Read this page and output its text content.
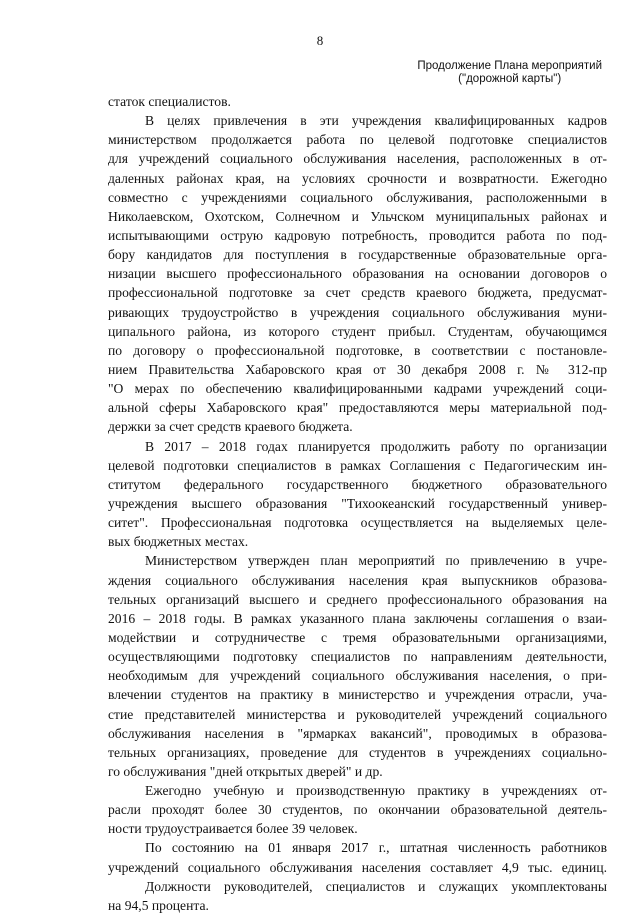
8
Продолжение Плана мероприятий
("дорожной карты")
статок специалистов.
В целях привлечения в эти учреждения квалифицированных кадров
министерством продолжается работа по целевой подготовке специалистов
для учреждений социального обслуживания населения, расположенных в от-
даленных районах края, на условиях срочности и возвратности. Ежегодно
совместно с учреждениями социального обслуживания, расположенными в
Николаевском, Охотском, Солнечном и Ульчском муниципальных районах и
испытывающими острую кадровую потребность, проводится работа по под-
бору кандидатов для поступления в государственные образовательные орга-
низации высшего профессионального образования на основании договоров о
профессиональной подготовке за счет средств краевого бюджета, предусмат-
ривающих трудоустройство в учреждения социального обслуживания муни-
ципального района, из которого студент прибыл. Студентам, обучающимся
по договору о профессиональной подготовке, в соответствии с постановле-
нием Правительства Хабаровского края от 30 декабря 2008 г. № 312-пр
"О мерах по обеспечению квалифицированными кадрами учреждений соци-
альной сферы Хабаровского края" предоставляются меры материальной под-
держки за счет средств краевого бюджета.
В 2017 – 2018 годах планируется продолжить работу по организации
целевой подготовки специалистов в рамках Соглашения с Педагогическим ин-
ститутом федерального государственного бюджетного образовательного
учреждения высшего образования "Тихоокеанский государственный универ-
ситет". Профессиональная подготовка осуществляется на выделяемых целе-
вых бюджетных местах.
Министерством утвержден план мероприятий по привлечению в учре-
ждения социального обслуживания населения края выпускников образова-
тельных организаций высшего и среднего профессионального образования на
2016 – 2018 годы. В рамках указанного плана заключены соглашения о взаи-
модействии и сотрудничестве с тремя образовательными организациями,
осуществляющими подготовку специалистов по направлениям деятельности,
необходимым для учреждений социального обслуживания населения, о при-
влечении студентов на практику в министерство и учреждения отрасли, уча-
стие представителей министерства и руководителей учреждений социального
обслуживания населения в "ярмарках вакансий", проводимых в образова-
тельных организациях, проведение для студентов в учреждениях социально-
го обслуживания "дней открытых дверей" и др.
Ежегодно учебную и производственную практику в учреждениях от-
расли проходят более 30 студентов, по окончании образовательной деятель-
ности трудоустраивается более 39 человек.
По состоянию на 01 января 2017 г., штатная численность работников
учреждений социального обслуживания населения составляет 4,9 тыс. единиц.
Должности руководителей, специалистов и служащих укомплектованы
на 94,5 процента.
